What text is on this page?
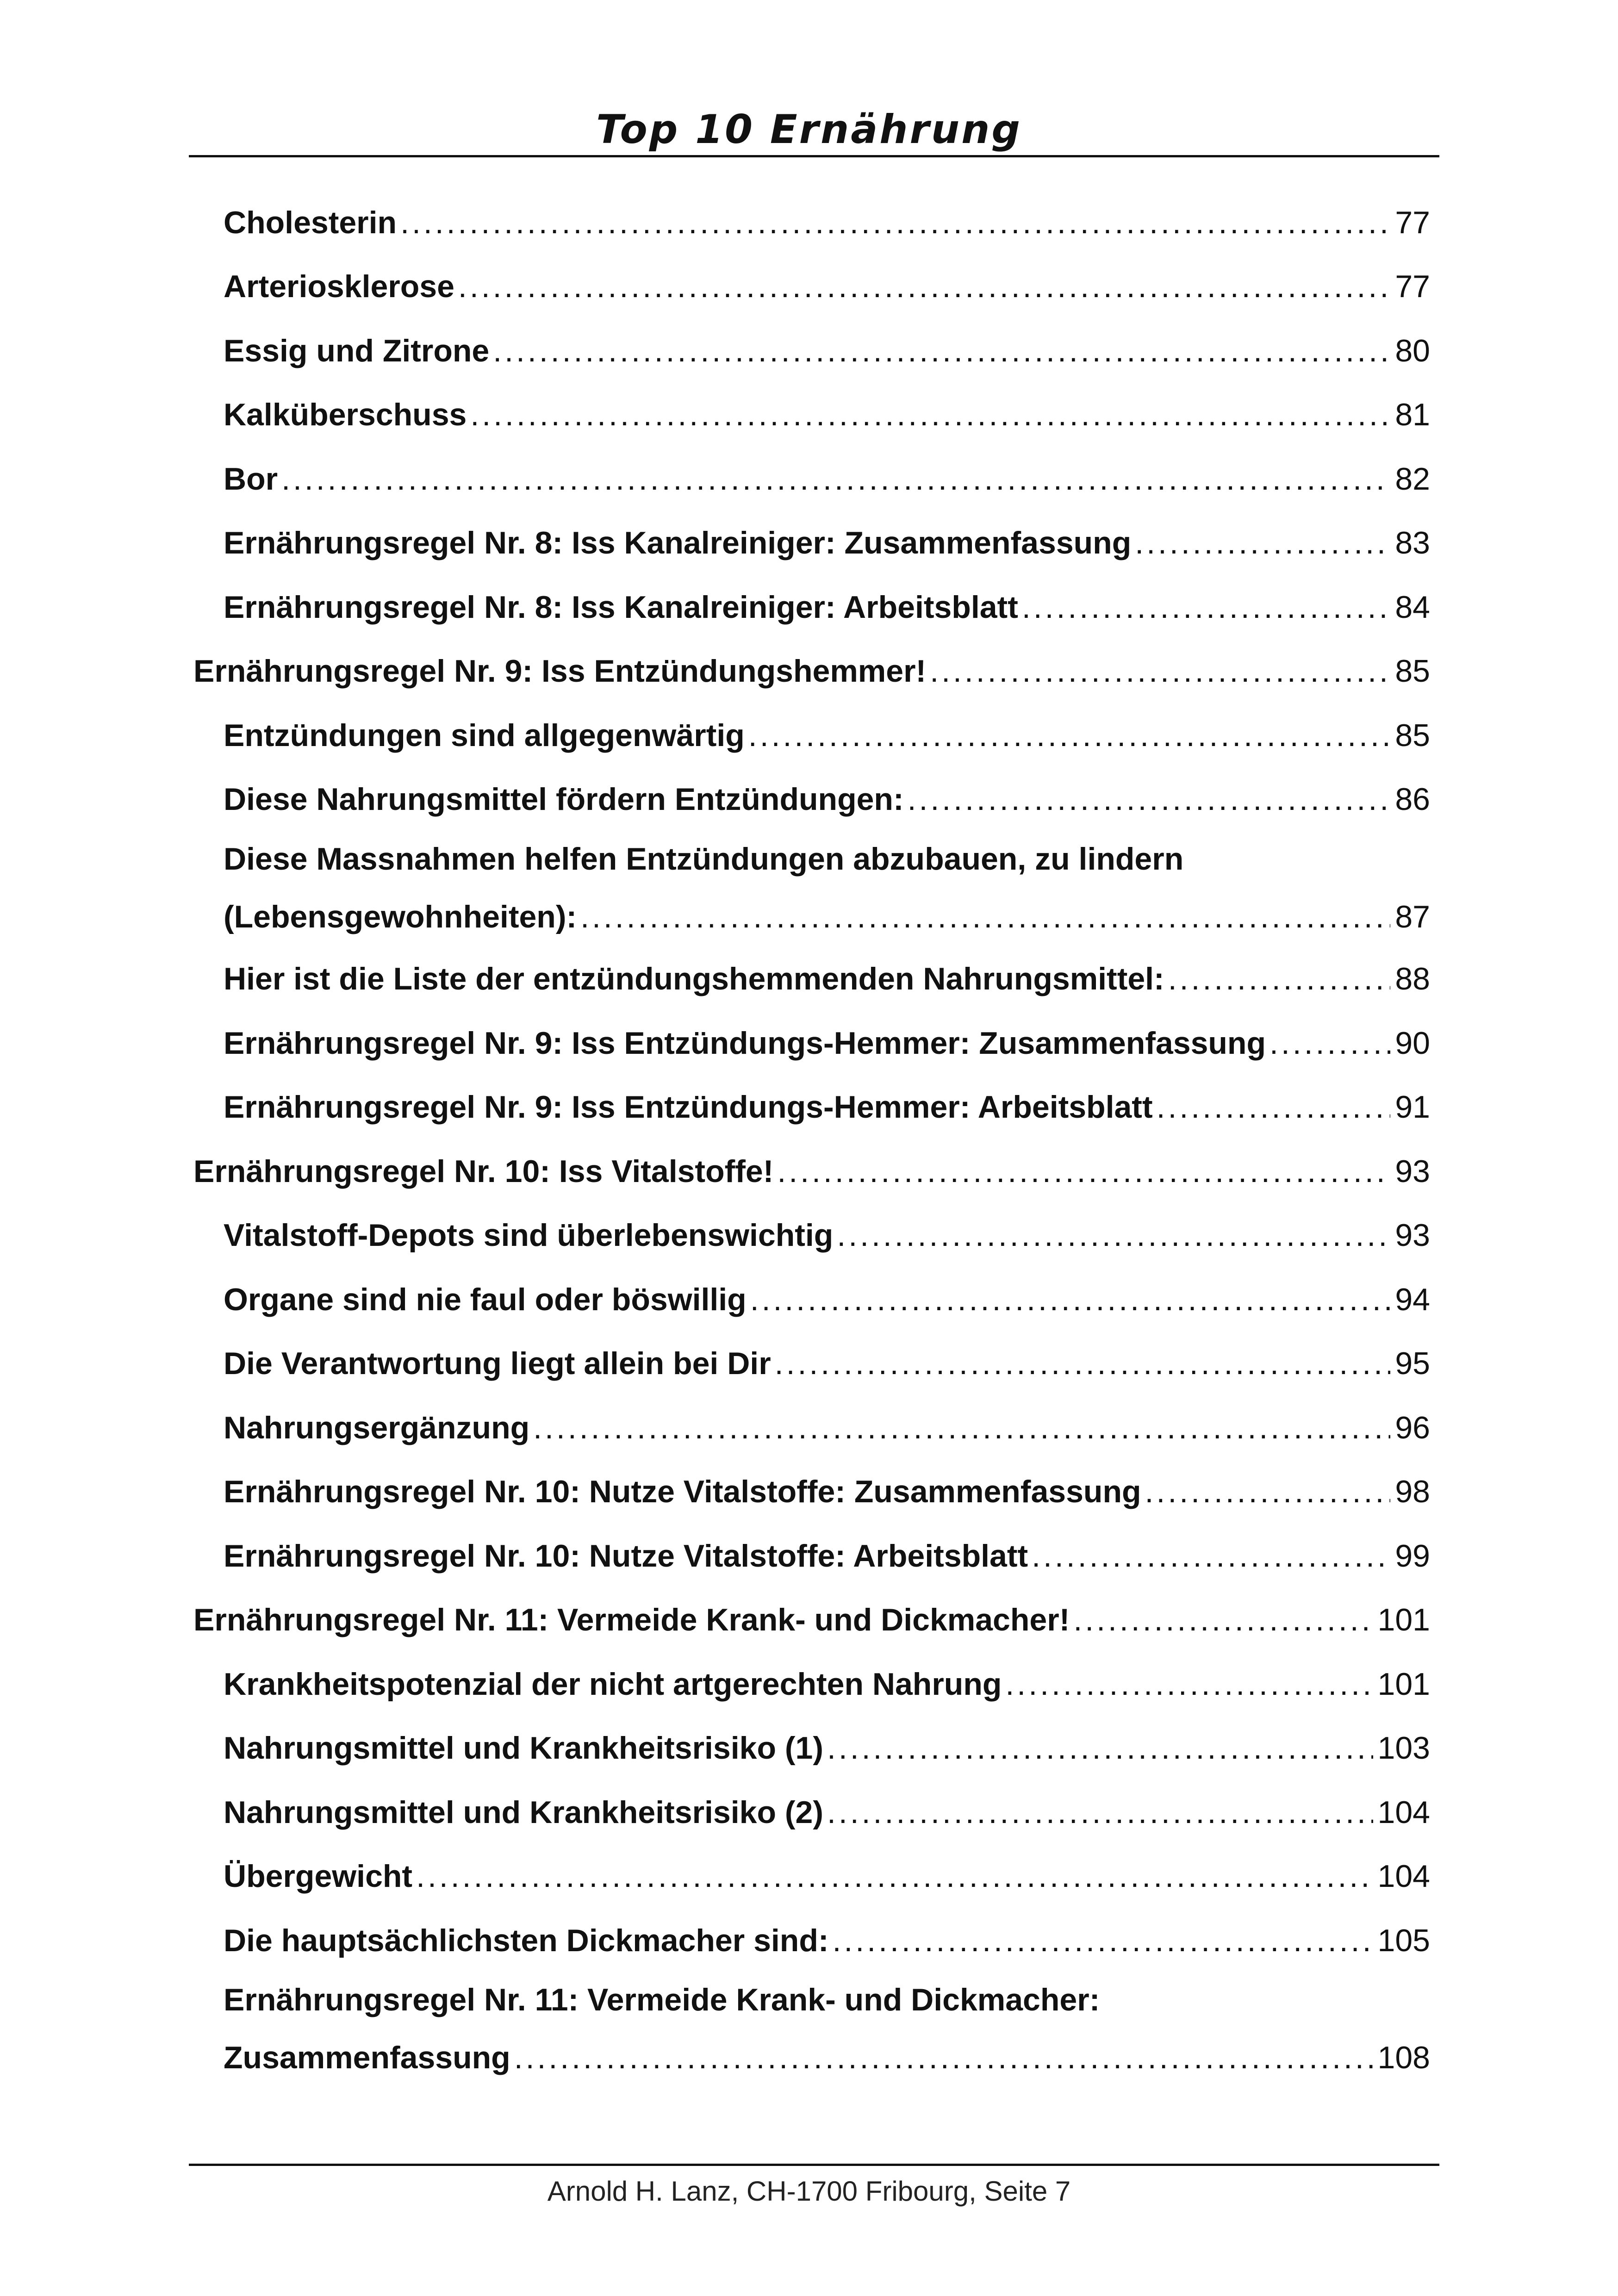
Top 10 Ernährung
Cholesterin .....	77
Arteriosklerose .....	77
Essig und Zitrone .....	80
Kalküberschuss .....	81
Bor .....	82
Ernährungsregel Nr. 8: Iss Kanalreiniger: Zusammenfassung .....	83
Ernährungsregel Nr. 8: Iss Kanalreiniger: Arbeitsblatt .....	84
Ernährungsregel Nr. 9: Iss Entzündungshemmer! .....	85
Entzündungen sind allgegenwärtig .....	85
Diese Nahrungsmittel fördern Entzündungen: .....	86
Diese Massnahmen helfen Entzündungen abzubauen, zu lindern
(Lebensgewohnheiten): .....	87
Hier ist die Liste der entzündungshemmenden Nahrungsmittel: .....	88
Ernährungsregel Nr. 9: Iss Entzündungs-Hemmer: Zusammenfassung .....	90
Ernährungsregel Nr. 9: Iss Entzündungs-Hemmer: Arbeitsblatt .....	91
Ernährungsregel Nr. 10: Iss Vitalstoffe! .....	93
Vitalstoff-Depots sind überlebenswichtig .....	93
Organe sind nie faul oder böswillig .....	94
Die Verantwortung liegt allein bei Dir .....	95
Nahrungsergänzung .....	96
Ernährungsregel Nr. 10: Nutze Vitalstoffe: Zusammenfassung .....	98
Ernährungsregel Nr. 10: Nutze Vitalstoffe: Arbeitsblatt .....	99
Ernährungsregel Nr. 11: Vermeide Krank- und Dickmacher! .....	101
Krankheitspotenzial der nicht artgerechten Nahrung .....	101
Nahrungsmittel und Krankheitsrisiko (1) .....	103
Nahrungsmittel und Krankheitsrisiko (2) .....	104
Übergewicht .....	104
Die hauptsächlichsten Dickmacher sind: .....	105
Ernährungsregel Nr. 11: Vermeide Krank- und Dickmacher:
Zusammenfassung .....	108
Arnold H. Lanz, CH-1700 Fribourg, Seite 7
